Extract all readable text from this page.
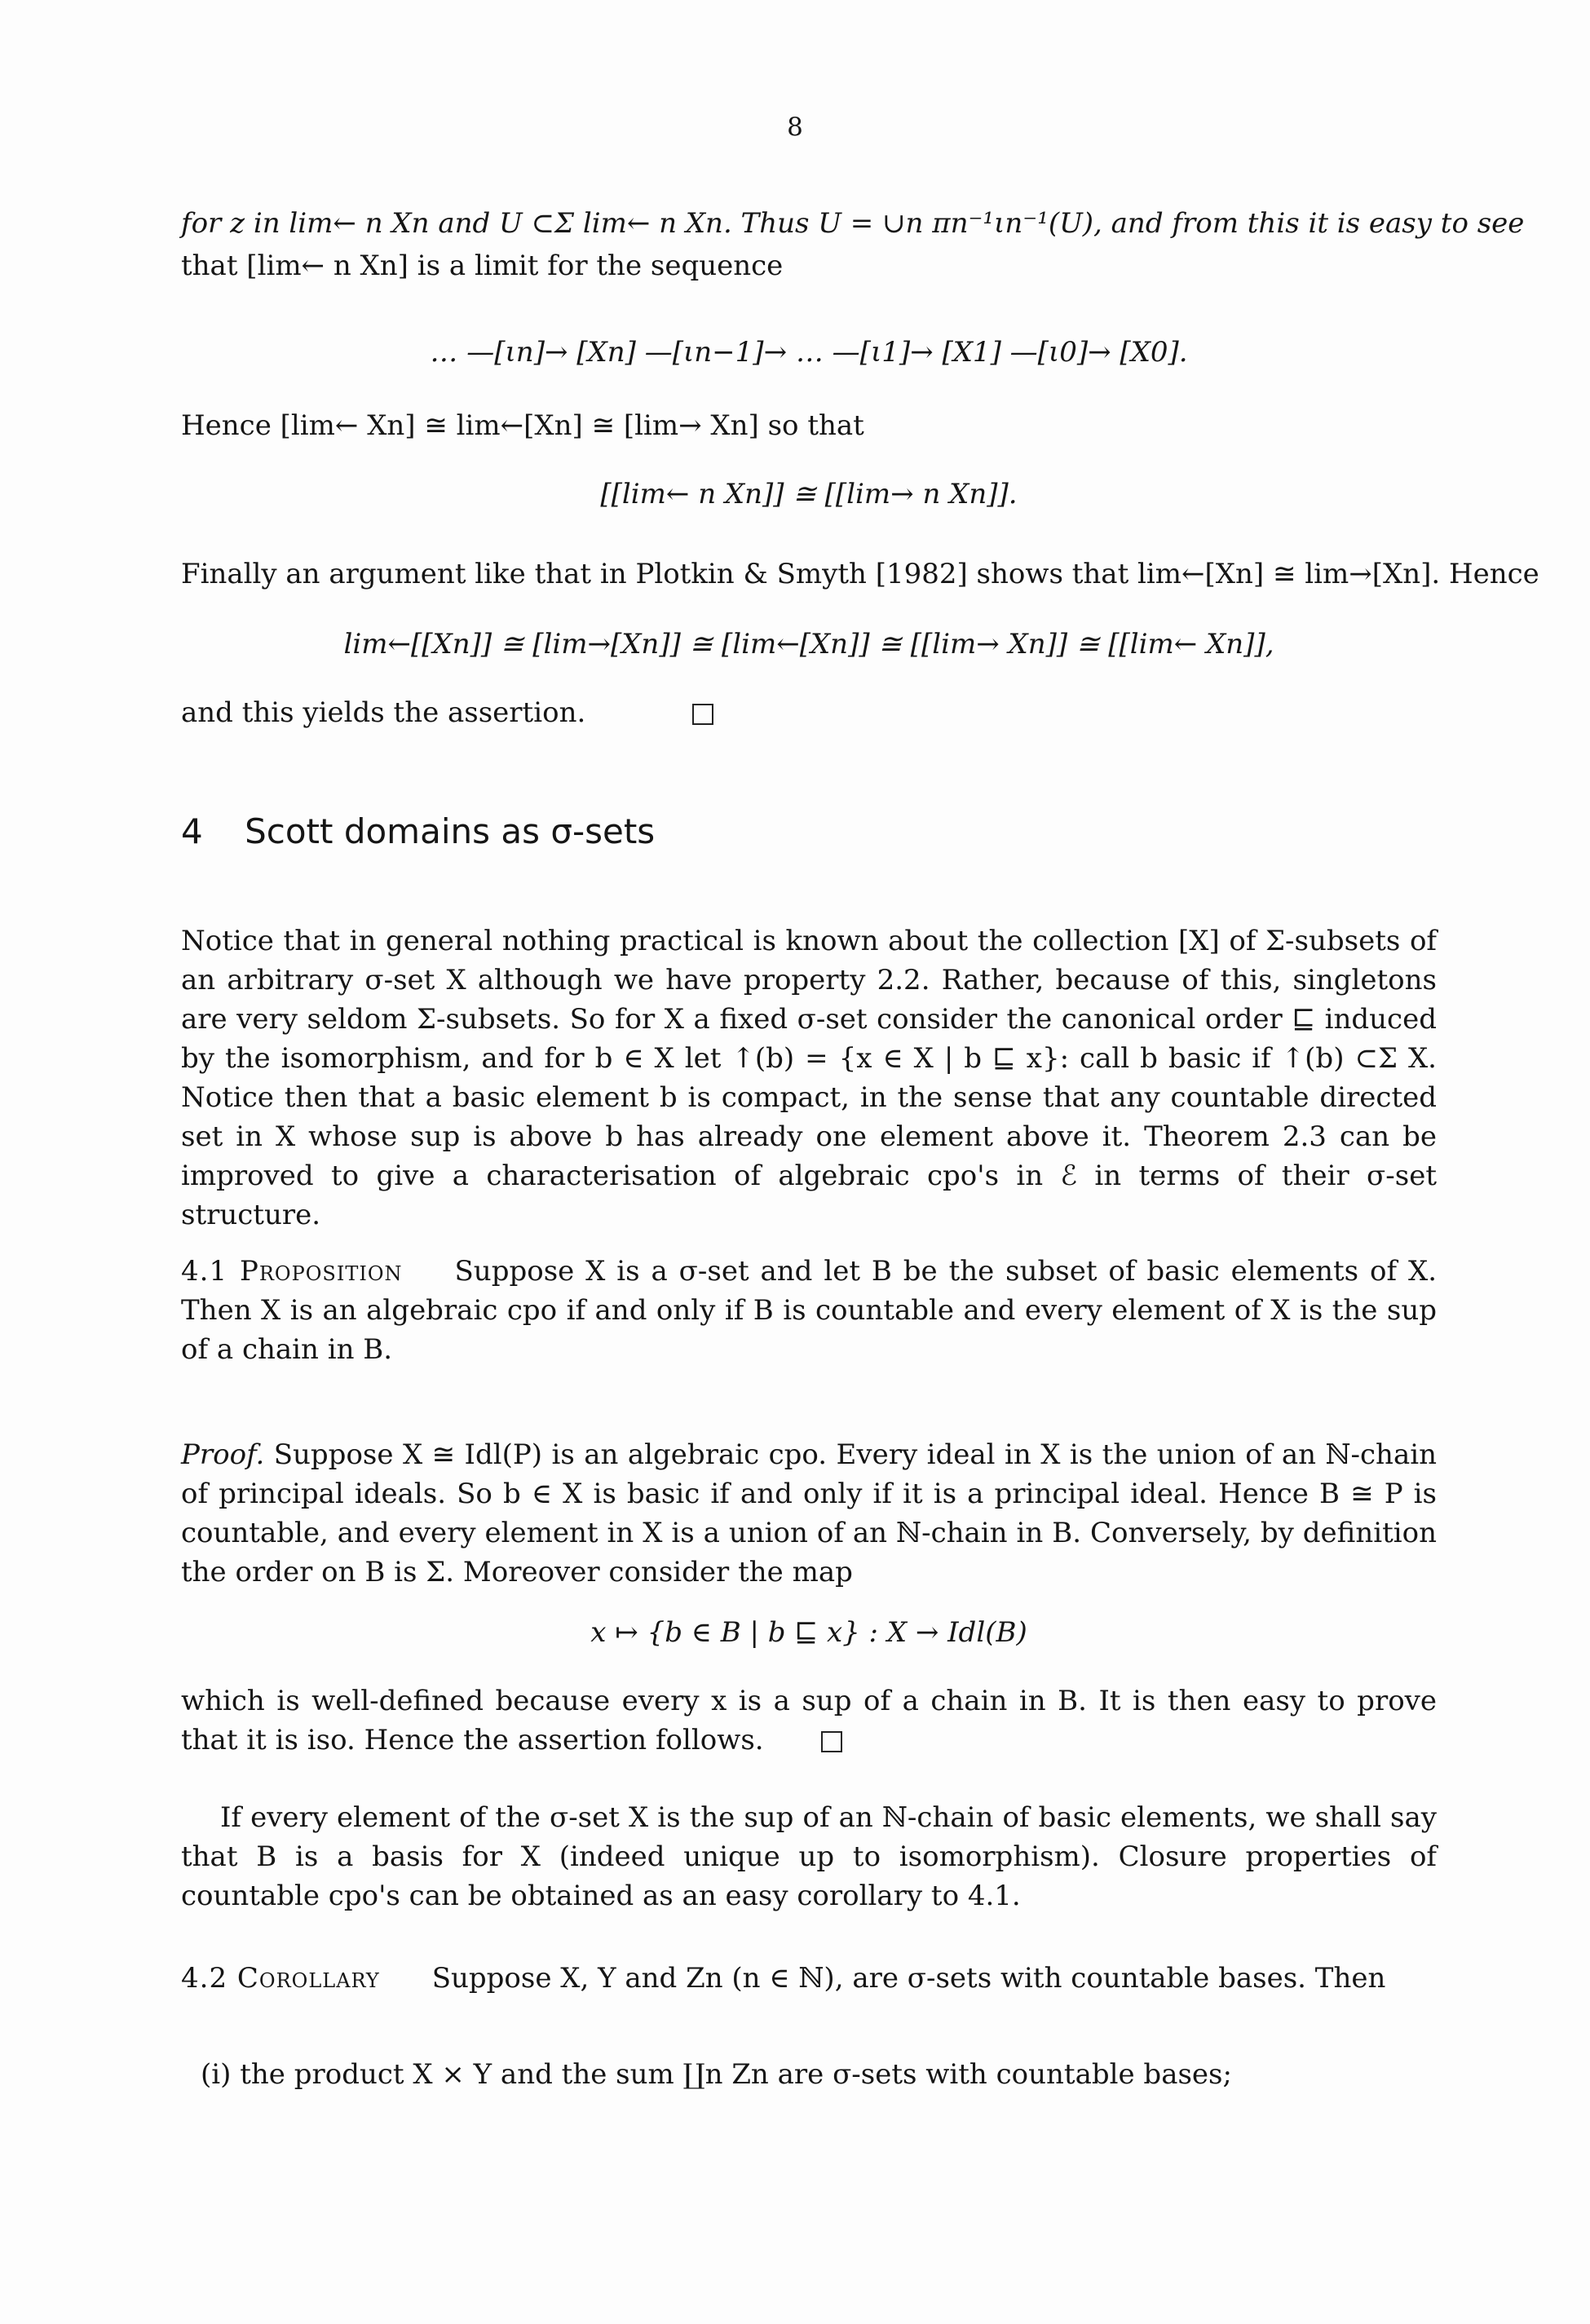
8
for z in lim← n Xn and U ⊂Σ lim← n Xn. Thus U = ∪n πn⁻¹ιn⁻¹(U), and from this it is easy to see
that [lim← n Xn] is a limit for the sequence
… —[ιn]→ [Xn] —[ιn−1]→ … —[ι1]→ [X1] —[ι0]→ [X0].
Hence [lim← Xn] ≅ lim←[Xn] ≅ [lim→ Xn] so that
[[lim← n Xn]] ≅ [[lim→ n Xn]].
Finally an argument like that in Plotkin & Smyth [1982] shows that lim←[Xn] ≅ lim→[Xn]. Hence
lim←[[Xn]] ≅ [lim→[Xn]] ≅ [lim←[Xn]] ≅ [[lim→ Xn]] ≅ [[lim← Xn]],
and this yields the assertion.
4 Scott domains as σ-sets

Notice that in general nothing practical is known about the collection [X] of Σ-subsets of an arbitrary σ-set X although we have property 2.2. Rather, because of this, singletons are very seldom Σ-subsets. So for X a fixed σ-set consider the canonical order ⊑ induced by the isomorphism, and for b ∈ X let ↑(b) = {x ∈ X | b ⊑ x}: call b basic if ↑(b) ⊂Σ X. Notice then that a basic element b is compact, in the sense that any countable directed set in X whose sup is above b has already one element above it. Theorem 2.3 can be improved to give a characterisation of algebraic cpo's in ℰ in terms of their σ-set structure.

4.1 Proposition Suppose X is a σ-set and let B be the subset of basic elements of X. Then X is an algebraic cpo if and only if B is countable and every element of X is the sup of a chain in B.

Proof. Suppose X ≅ Idl(P) is an algebraic cpo. Every ideal in X is the union of an ℕ-chain of principal ideals. So b ∈ X is basic if and only if it is a principal ideal. Hence B ≅ P is countable, and every element in X is a union of an ℕ-chain in B. Conversely, by definition the order on B is Σ. Moreover consider the map

x ↦ {b ∈ B | b ⊑ x} : X → Idl(B)

which is well-defined because every x is a sup of a chain in B. It is then easy to prove that it is iso. Hence the assertion follows.

If every element of the σ-set X is the sup of an ℕ-chain of basic elements, we shall say that B is a basis for X (indeed unique up to isomorphism). Closure properties of countable cpo's can be obtained as an easy corollary to 4.1.

4.2 Corollary Suppose X, Y and Zn (n ∈ ℕ), are σ-sets with countable bases. Then

(i) the product X × Y and the sum ∐n Zn are σ-sets with countable bases;
